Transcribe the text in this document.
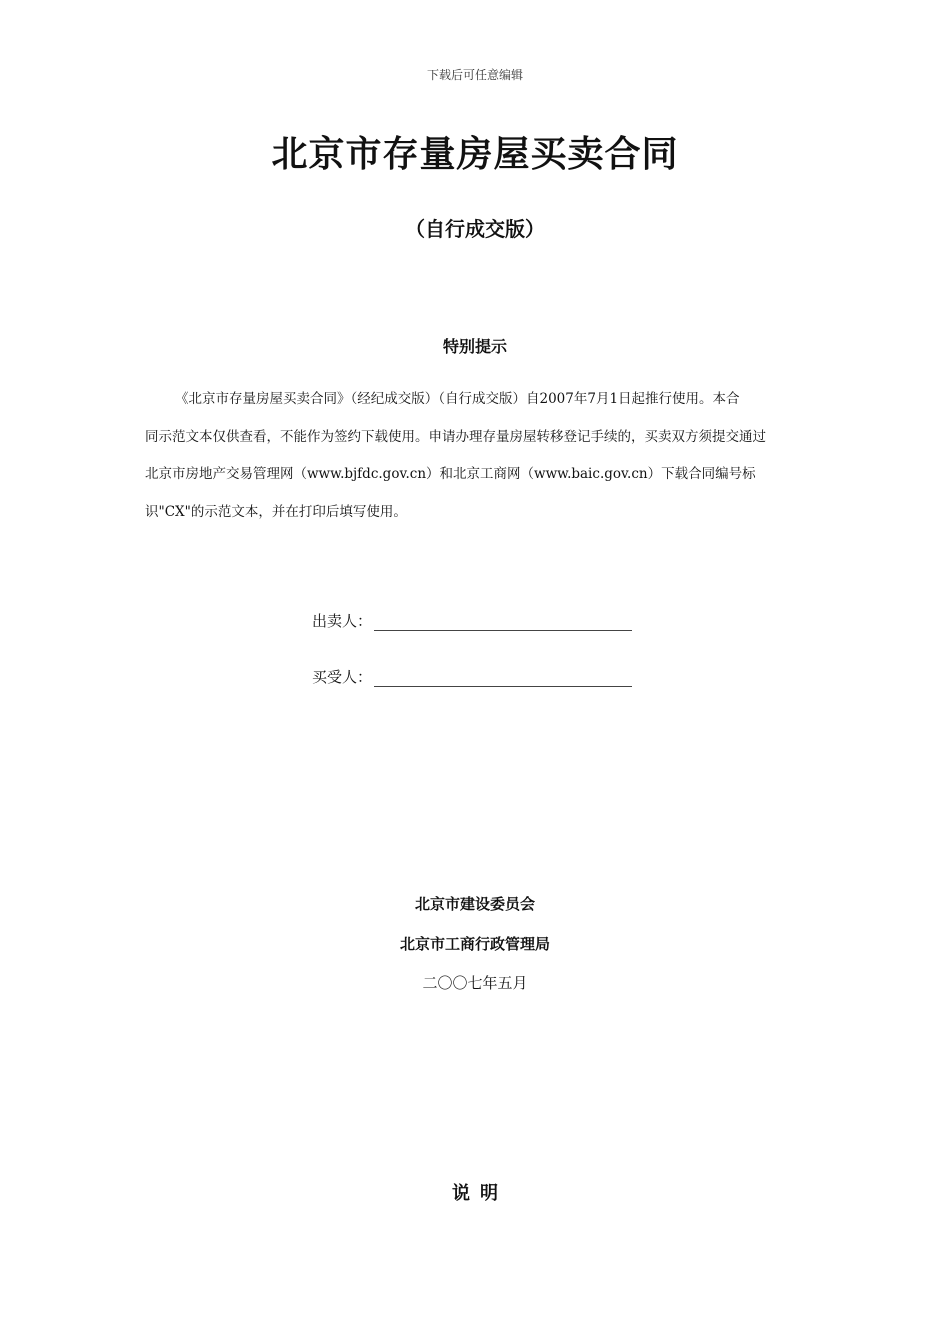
下载后可任意编辑
北京市存量房屋买卖合同
（自行成交版）
特别提示
《北京市存量房屋买卖合同》（经纪成交版）（自行成交版）自2007年7月1日起推行使用。本合
同示范文本仅供查看，不能作为签约下载使用。申请办理存量房屋转移登记手续的，买卖双方须提交通过
北京市房地产交易管理网（www.bjfdc.gov.cn）和北京工商网（www.baic.gov.cn）下载合同编号标
识"CX"的示范文本，并在打印后填写使用。
出卖人：
买受人：
北京市建设委员会
北京市工商行政管理局
二〇〇七年五月
说明
